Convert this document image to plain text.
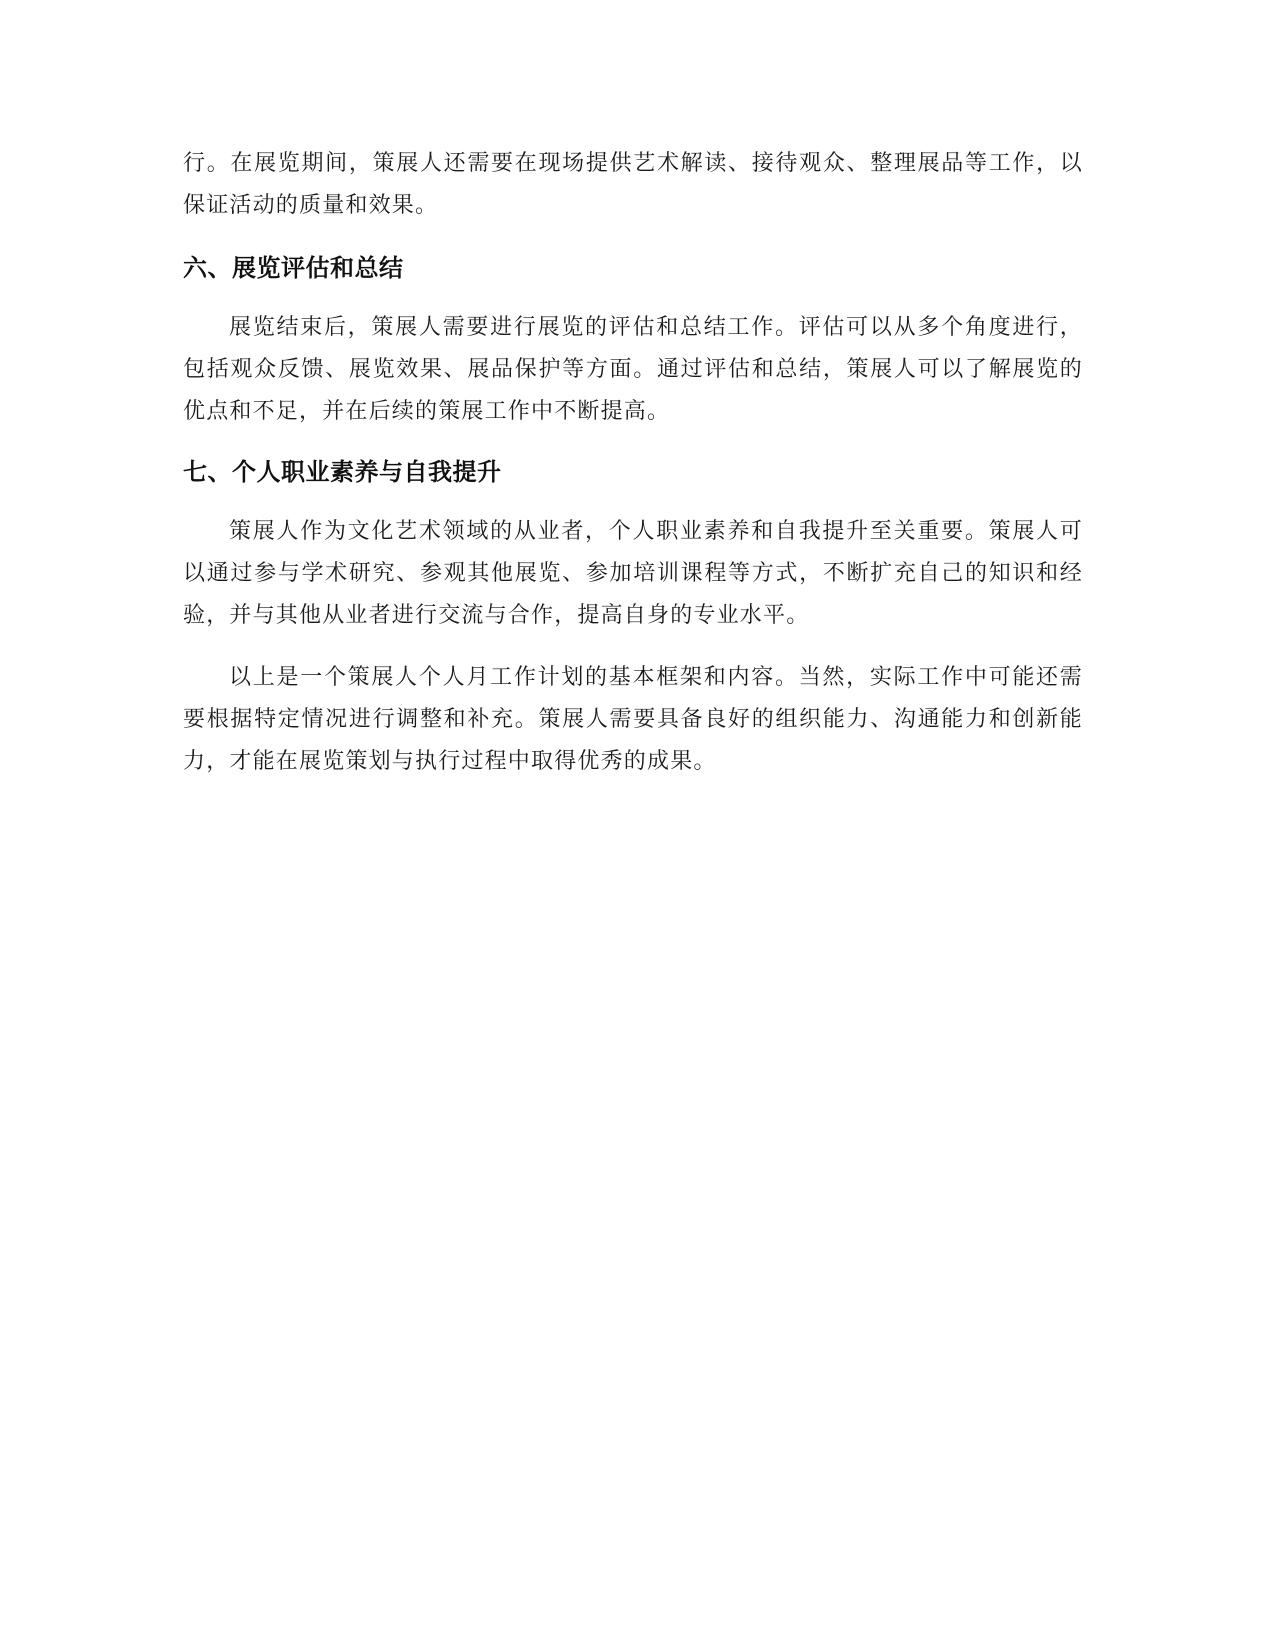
行。在展览期间，策展人还需要在现场提供艺术解读、接待观众、整理展品等工作，以保证活动的质量和效果。

六、展览评估和总结

展览结束后，策展人需要进行展览的评估和总结工作。评估可以从多个角度进行，包括观众反馈、展览效果、展品保护等方面。通过评估和总结，策展人可以了解展览的优点和不足，并在后续的策展工作中不断提高。

七、个人职业素养与自我提升

策展人作为文化艺术领域的从业者，个人职业素养和自我提升至关重要。策展人可以通过参与学术研究、参观其他展览、参加培训课程等方式，不断扩充自己的知识和经验，并与其他从业者进行交流与合作，提高自身的专业水平。

以上是一个策展人个人月工作计划的基本框架和内容。当然，实际工作中可能还需要根据特定情况进行调整和补充。策展人需要具备良好的组织能力、沟通能力和创新能力，才能在展览策划与执行过程中取得优秀的成果。
